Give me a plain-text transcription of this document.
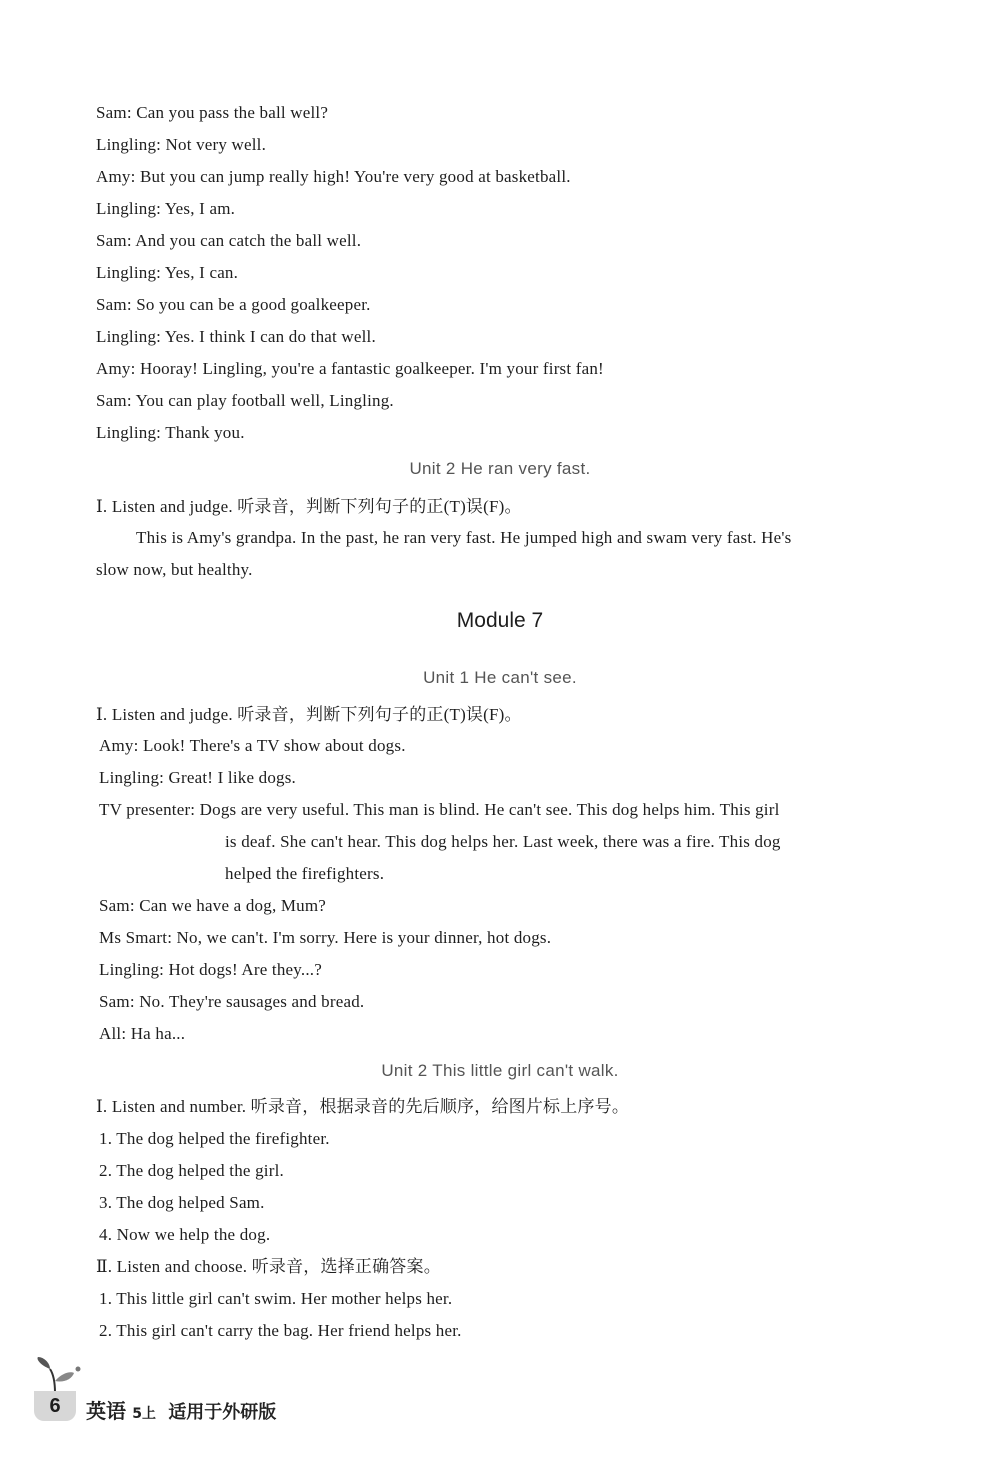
Sam: Can you pass the ball well?
Lingling: Not very well.
Amy: But you can jump really high! You're very good at basketball.
Lingling: Yes, I am.
Sam: And you can catch the ball well.
Lingling: Yes, I can.
Sam: So you can be a good goalkeeper.
Lingling: Yes. I think I can do that well.
Amy: Hooray! Lingling, you're a fantastic goalkeeper. I'm your first fan!
Sam: You can play football well, Lingling.
Lingling: Thank you.
Unit 2 He ran very fast.
Ⅰ. Listen and judge. 听录音，判断下列句子的正(T)误(F)。
This is Amy's grandpa. In the past, he ran very fast. He jumped high and swam very fast. He's
slow now, but healthy.
Module 7
Unit 1 He can't see.
Ⅰ. Listen and judge. 听录音，判断下列句子的正(T)误(F)。
Amy: Look! There's a TV show about dogs.
Lingling: Great! I like dogs.
TV presenter: Dogs are very useful. This man is blind. He can't see. This dog helps him. This girl
is deaf. She can't hear. This dog helps her. Last week, there was a fire. This dog
helped the firefighters.
Sam: Can we have a dog, Mum?
Ms Smart: No, we can't. I'm sorry. Here is your dinner, hot dogs.
Lingling: Hot dogs! Are they...?
Sam: No. They're sausages and bread.
All: Ha ha...
Unit 2 This little girl can't walk.
Ⅰ. Listen and number. 听录音，根据录音的先后顺序，给图片标上序号。
1. The dog helped the firefighter.
2. The dog helped the girl.
3. The dog helped Sam.
4. Now we help the dog.
Ⅱ. Listen and choose. 听录音，选择正确答案。
1. This little girl can't swim. Her mother helps her.
2. This girl can't carry the bag. Her friend helps her.
6	英语 5上 适用于外研版
